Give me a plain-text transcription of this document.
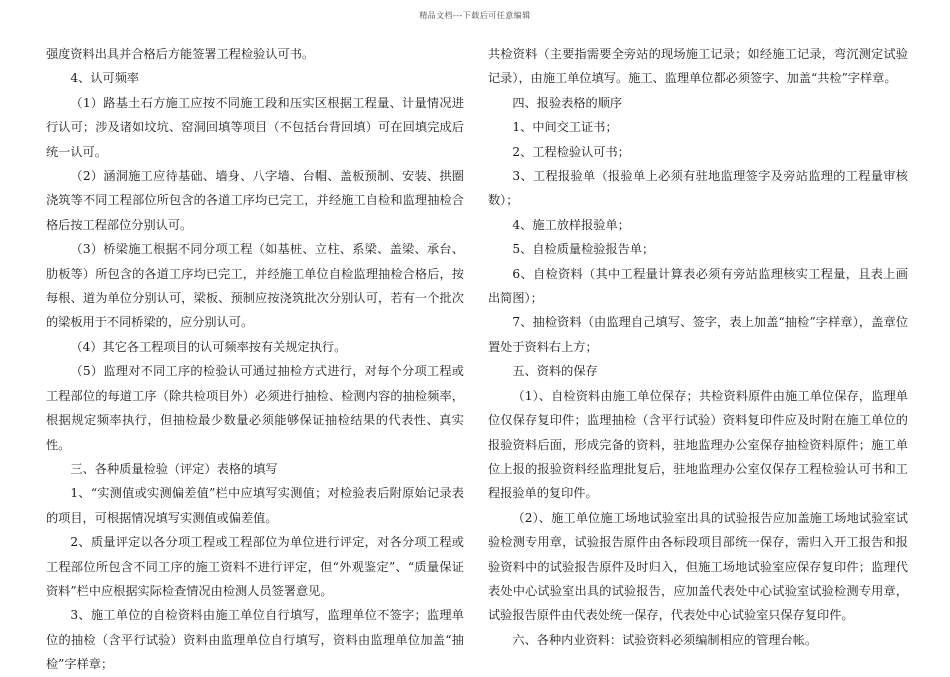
精品文档---下载后可任意编辑

强度资料出具并合格后方能签署工程检验认可书。

4、认可频率

（1）路基土石方施工应按不同施工段和压实区根据工程量、计量情况进行认可；涉及诸如坟坑、窑洞回填等项目（不包括台背回填）可在回填完成后统一认可。

（2）涵洞施工应待基础、墙身、八字墙、台帽、盖板预制、安装、拱圈浇筑等不同工程部位所包含的各道工序均已完工，并经施工自检和监理抽检合格后按工程部位分别认可。

（3）桥梁施工根据不同分项工程（如基桩、立柱、系梁、盖梁、承台、肋板等）所包含的各道工序均已完工，并经施工单位自检监理抽检合格后，按每根、道为单位分别认可，梁板、预制应按浇筑批次分别认可，若有一个批次的梁板用于不同桥梁的，应分别认可。

（4）其它各工程项目的认可频率按有关规定执行。

（5）监理对不同工序的检验认可通过抽检方式进行，对每个分项工程或工程部位的每道工序（除共检项目外）必须进行抽检、检测内容的抽检频率，根据规定频率执行，但抽检最少数量必须能够保证抽检结果的代表性、真实性。

三、各种质量检验（评定）表格的填写

1、“实测值或实测偏差值”栏中应填写实测值；对检验表后附原始记录表的项目，可根据情况填写实测值或偏差值。

2、质量评定以各分项工程或工程部位为单位进行评定，对各分项工程或工程部位所包含不同工序的施工资料不进行评定，但“外观鉴定”、“质量保证资料”栏中应根据实际检查情况由检测人员签署意见。

3、施工单位的自检资料由施工单位自行填写，监理单位不签字；监理单位的抽检（含平行试验）资料由监理单位自行填写，资料由监理单位加盖“抽检”字样章；

共检资料（主要指需要全旁站的现场施工记录；如经施工记录，弯沉测定试验记录），由施工单位填写。施工、监理单位都必须签字、加盖“共检”字样章。

四、报验表格的顺序

1、中间交工证书；

2、工程检验认可书；

3、工程报验单（报验单上必须有驻地监理签字及旁站监理的工程量审核数）；

4、施工放样报验单；

5、自检质量检验报告单；

6、自检资料（其中工程量计算表必须有旁站监理核实工程量，且表上画出简图）；

7、抽检资料（由监理自己填写、签字，表上加盖“抽检”字样章），盖章位置处于资料右上方；

五、资料的保存

（1）、自检资料由施工单位保存；共检资料原件由施工单位保存，监理单位仅保存复印件；监理抽检（含平行试验）资料复印件应及时附在施工单位的报验资料后面，形成完备的资料，驻地监理办公室保存抽检资料原件；施工单位上报的报验资料经监理批复后，驻地监理办公室仅保存工程检验认可书和工程报验单的复印件。

（2）、施工单位施工场地试验室出具的试验报告应加盖施工场地试验室试验检测专用章，试验报告原件由各标段项目部统一保存，需归入开工报告和报验资料中的试验报告原件及时归入，但施工场地试验室应保存复印件；监理代表处中心试验室出具的试验报告，应加盖代表处中心试验室试验检测专用章，试验报告原件由代表处统一保存，代表处中心试验室只保存复印件。

六、各种内业资料：试验资料必须编制相应的管理台帐。
